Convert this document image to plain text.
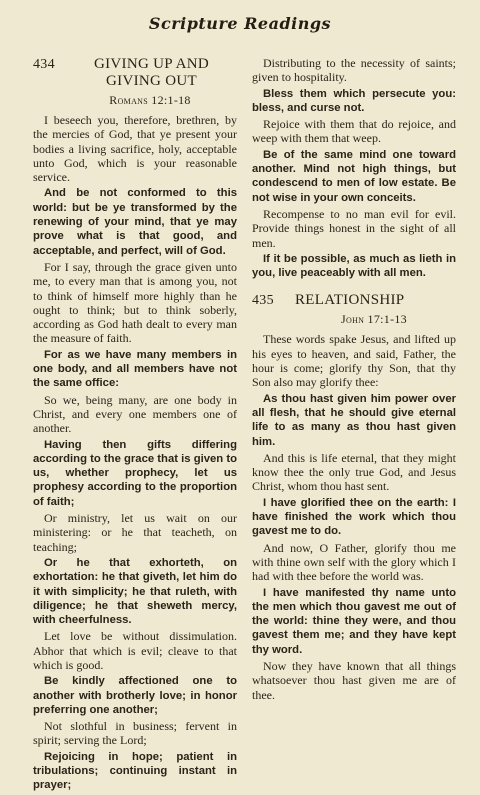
Scripture Readings
434	GIVING UP AND
GIVING OUT
Romans 12:1-18

I beseech you, therefore, brethren, by the mercies of God, that ye present your bodies a living sacrifice, holy, acceptable unto God, which is your reasonable service.

And be not conformed to this world: but be ye transformed by the renewing of your mind, that ye may prove what is that good, and acceptable, and perfect, will of God.

For I say, through the grace given unto me, to every man that is among you, not to think of himself more highly than he ought to think; but to think soberly, according as God hath dealt to every man the measure of faith.

For as we have many members in one body, and all members have not the same office:

So we, being many, are one body in Christ, and every one members one of another.

Having then gifts differing according to the grace that is given to us, whether prophecy, let us prophesy according to the proportion of faith;

Or ministry, let us wait on our ministering: or he that teacheth, on teaching;

Or he that exhorteth, on exhortation: he that giveth, let him do it with simplicity; he that ruleth, with diligence; he that sheweth mercy, with cheerfulness.

Let love be without dissimulation. Abhor that which is evil; cleave to that which is good.

Be kindly affectioned one to another with brotherly love; in honor preferring one another;

Not slothful in business; fervent in spirit; serving the Lord;

Rejoicing in hope; patient in tribulations; continuing instant in prayer;

Distributing to the necessity of saints; given to hospitality.

Bless them which persecute you: bless, and curse not.

Rejoice with them that do rejoice, and weep with them that weep.

Be of the same mind one toward another. Mind not high things, but condescend to men of low estate. Be not wise in your own conceits.

Recompense to no man evil for evil. Provide things honest in the sight of all men.

If it be possible, as much as lieth in you, live peaceably with all men.

435	RELATIONSHIP
John 17:1-13

These words spake Jesus, and lifted up his eyes to heaven, and said, Father, the hour is come; glorify thy Son, that thy Son also may glorify thee:

As thou hast given him power over all flesh, that he should give eternal life to as many as thou hast given him.

And this is life eternal, that they might know thee the only true God, and Jesus Christ, whom thou hast sent.

I have glorified thee on the earth: I have finished the work which thou gavest me to do.

And now, O Father, glorify thou me with thine own self with the glory which I had with thee before the world was.

I have manifested thy name unto the men which thou gavest me out of the world: thine they were, and thou gavest them me; and they have kept thy word.

Now they have known that all things whatsoever thou hast given me are of thee.
